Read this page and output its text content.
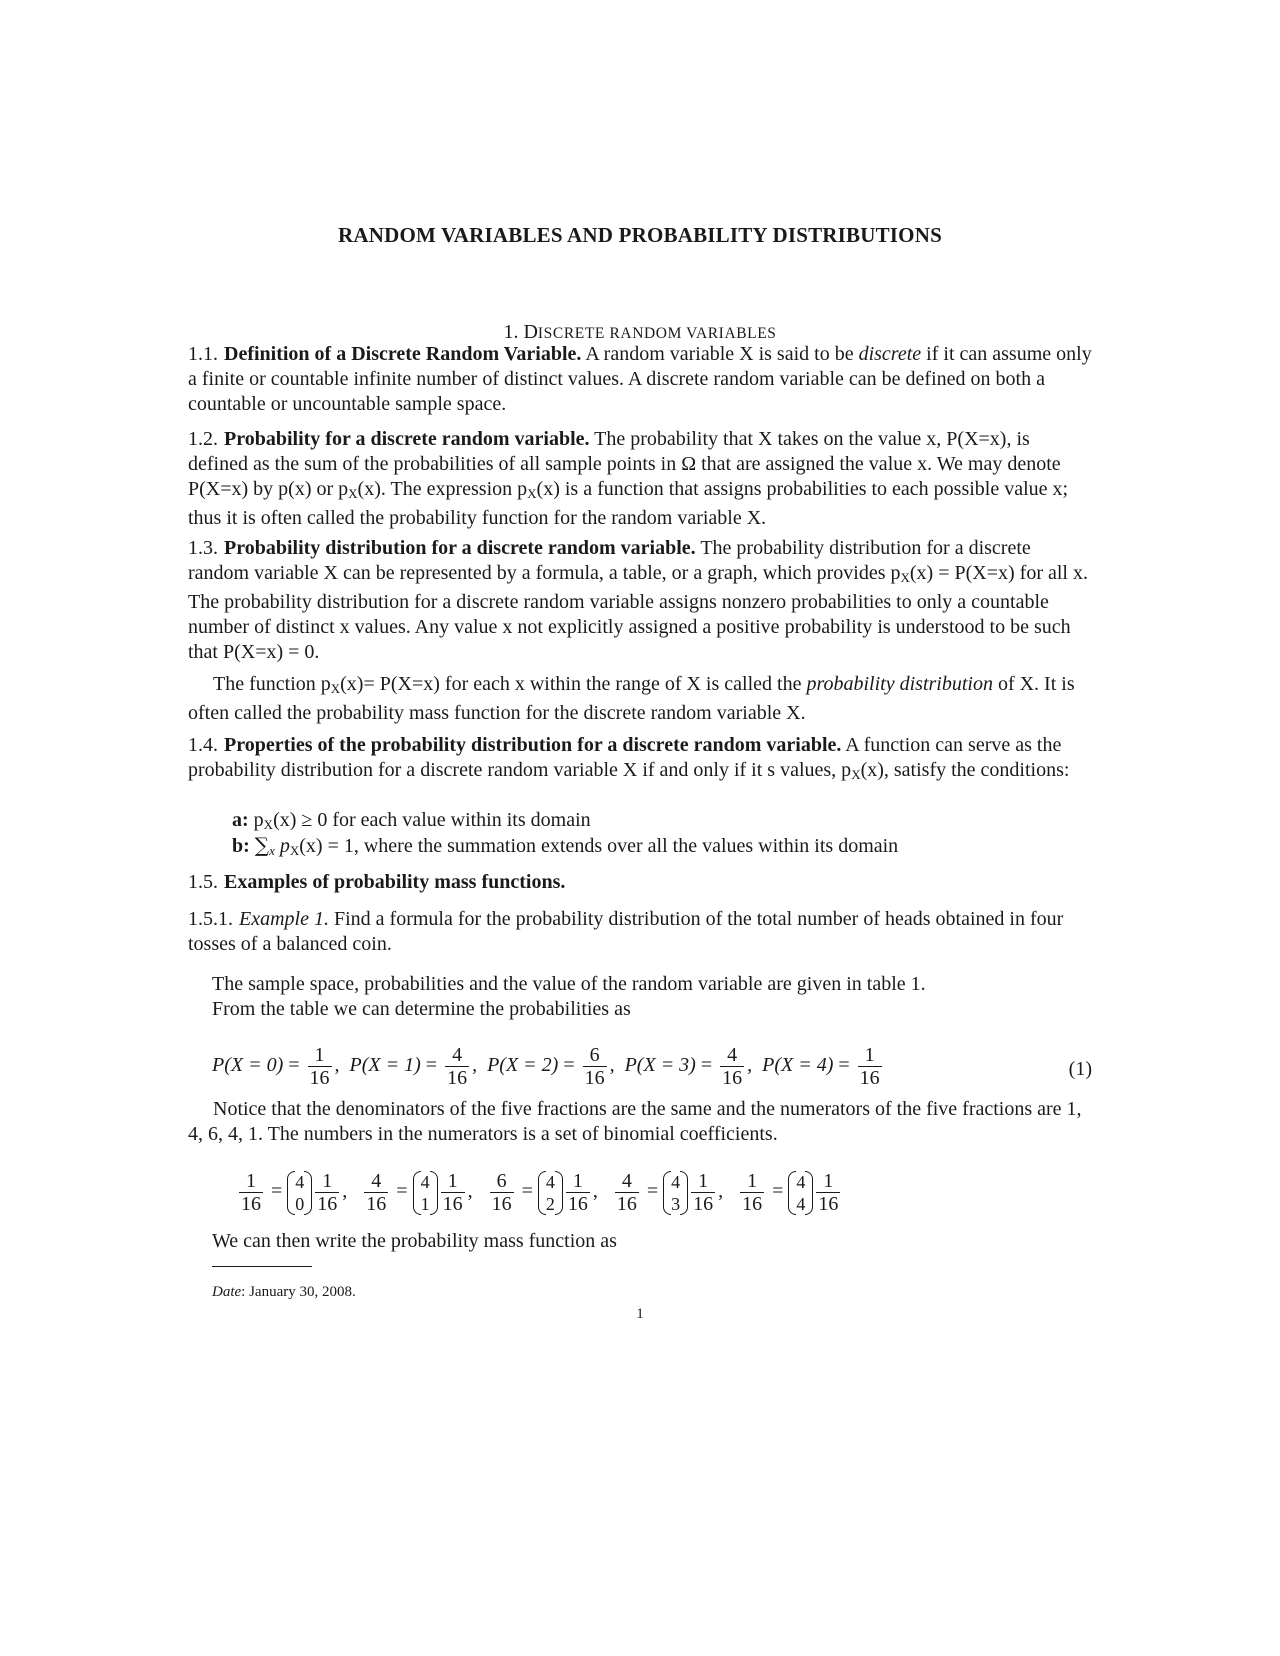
RANDOM VARIABLES AND PROBABILITY DISTRIBUTIONS
1. DISCRETE RANDOM VARIABLES
1.1. Definition of a Discrete Random Variable. A random variable X is said to be discrete if it can assume only a finite or countable infinite number of distinct values. A discrete random variable can be defined on both a countable or uncountable sample space.
1.2. Probability for a discrete random variable. The probability that X takes on the value x, P(X=x), is defined as the sum of the probabilities of all sample points in Ω that are assigned the value x. We may denote P(X=x) by p(x) or $p_X(x)$. The expression $p_X(x)$ is a function that assigns probabilities to each possible value x; thus it is often called the probability function for the random variable X.
1.3. Probability distribution for a discrete random variable. The probability distribution for a discrete random variable X can be represented by a formula, a table, or a graph, which provides $p_X(x) = P(X=x)$ for all x. The probability distribution for a discrete random variable assigns nonzero probabilities to only a countable number of distinct x values. Any value x not explicitly assigned a positive probability is understood to be such that P(X=x) = 0.
The function $p_X(x)= P(X=x)$ for each x within the range of X is called the probability distribution of X. It is often called the probability mass function for the discrete random variable X.
1.4. Properties of the probability distribution for a discrete random variable. A function can serve as the probability distribution for a discrete random variable X if and only if it s values, $p_X(x)$, satisfy the conditions:
a: $p_X(x) \ge 0$ for each value within its domain
b: $\sum_x$ $p_X(x) = 1$, where the summation extends over all the values within its domain
1.5. Examples of probability mass functions.
1.5.1. Example 1. Find a formula for the probability distribution of the total number of heads obtained in four tosses of a balanced coin.
The sample space, probabilities and the value of the random variable are given in table 1.
From the table we can determine the probabilities as
$P(X = 0) = \frac{1}{16}$ , $P(X = 1) = \frac{4}{16}$ , $P(X = 2) = \frac{6}{16}$ , $P(X = 3) = \frac{4}{16}$ , $P(X = 4) = \frac{1}{16}$	(1)
Notice that the denominators of the five fractions are the same and the numerators of the five fractions are 1, 4, 6, 4, 1. The numbers in the numerators is a set of binomial coefficients.
$\frac{1}{16} = 4$
$0 \frac{1}{16}$ , $\frac{4}{16} = 4$
$1 \frac{1}{16}$ , $\frac{6}{16} = 4$
$2 \frac{1}{16}$ , $\frac{4}{16} = 4$
$3 \frac{1}{16}$ , $\frac{1}{16} = 4$
$4 \frac{1}{16}$
We can then write the probability mass function as
Date: January 30, 2008.
1
